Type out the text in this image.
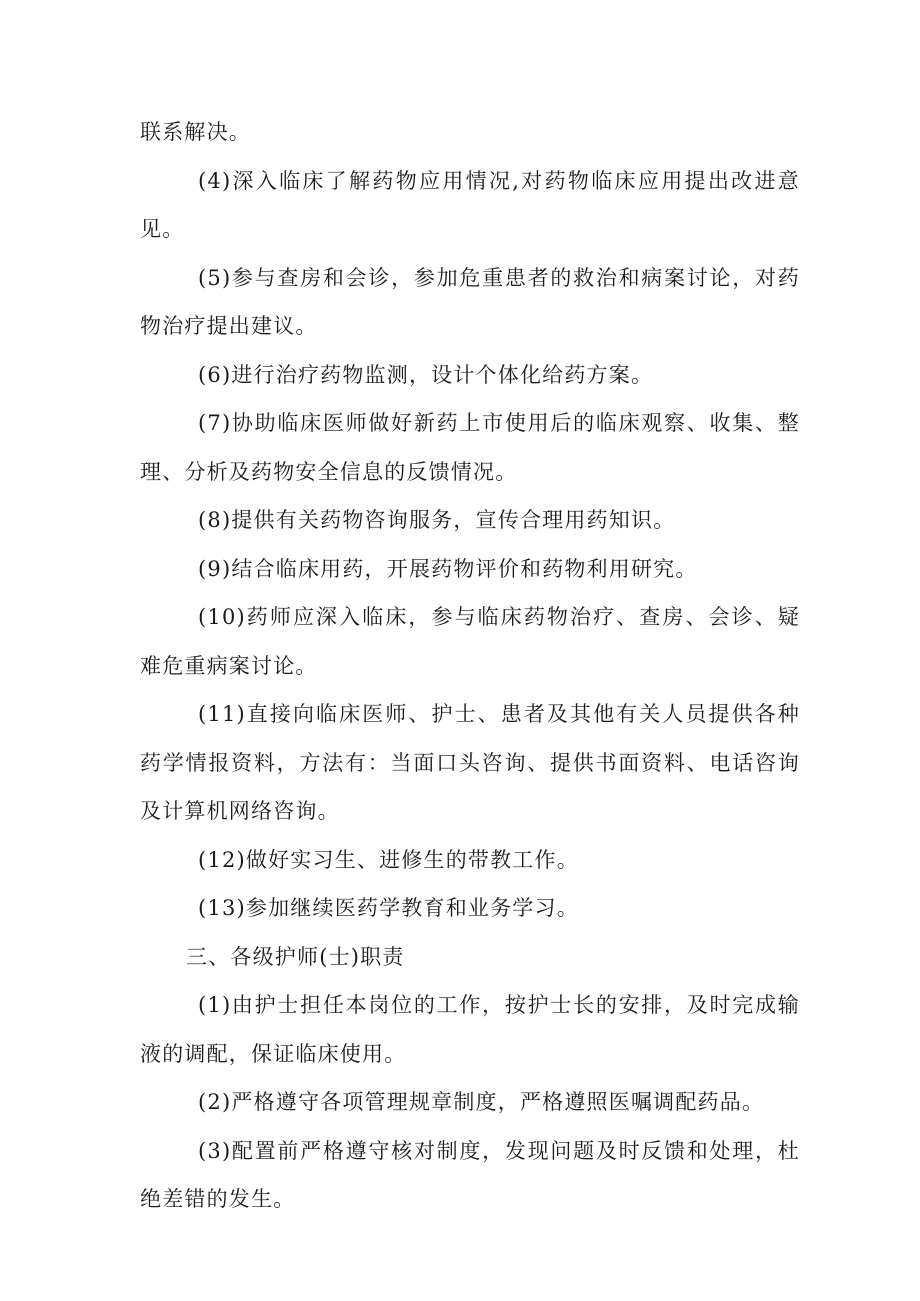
联系解决。

(4)深入临床了解药物应用情况,对药物临床应用提出改进意见。

(5)参与查房和会诊，参加危重患者的救治和病案讨论，对药物治疗提出建议。

(6)进行治疗药物监测，设计个体化给药方案。

(7)协助临床医师做好新药上市使用后的临床观察、收集、整理、分析及药物安全信息的反馈情况。

(8)提供有关药物咨询服务，宣传合理用药知识。

(9)结合临床用药，开展药物评价和药物利用研究。

(10)药师应深入临床，参与临床药物治疗、查房、会诊、疑难危重病案讨论。

(11)直接向临床医师、护士、患者及其他有关人员提供各种药学情报资料，方法有：当面口头咨询、提供书面资料、电话咨询及计算机网络咨询。

(12)做好实习生、进修生的带教工作。

(13)参加继续医药学教育和业务学习。

三、各级护师(士)职责

(1)由护士担任本岗位的工作，按护士长的安排，及时完成输液的调配，保证临床使用。

(2)严格遵守各项管理规章制度，严格遵照医嘱调配药品。

(3)配置前严格遵守核对制度，发现问题及时反馈和处理，杜绝差错的发生。
